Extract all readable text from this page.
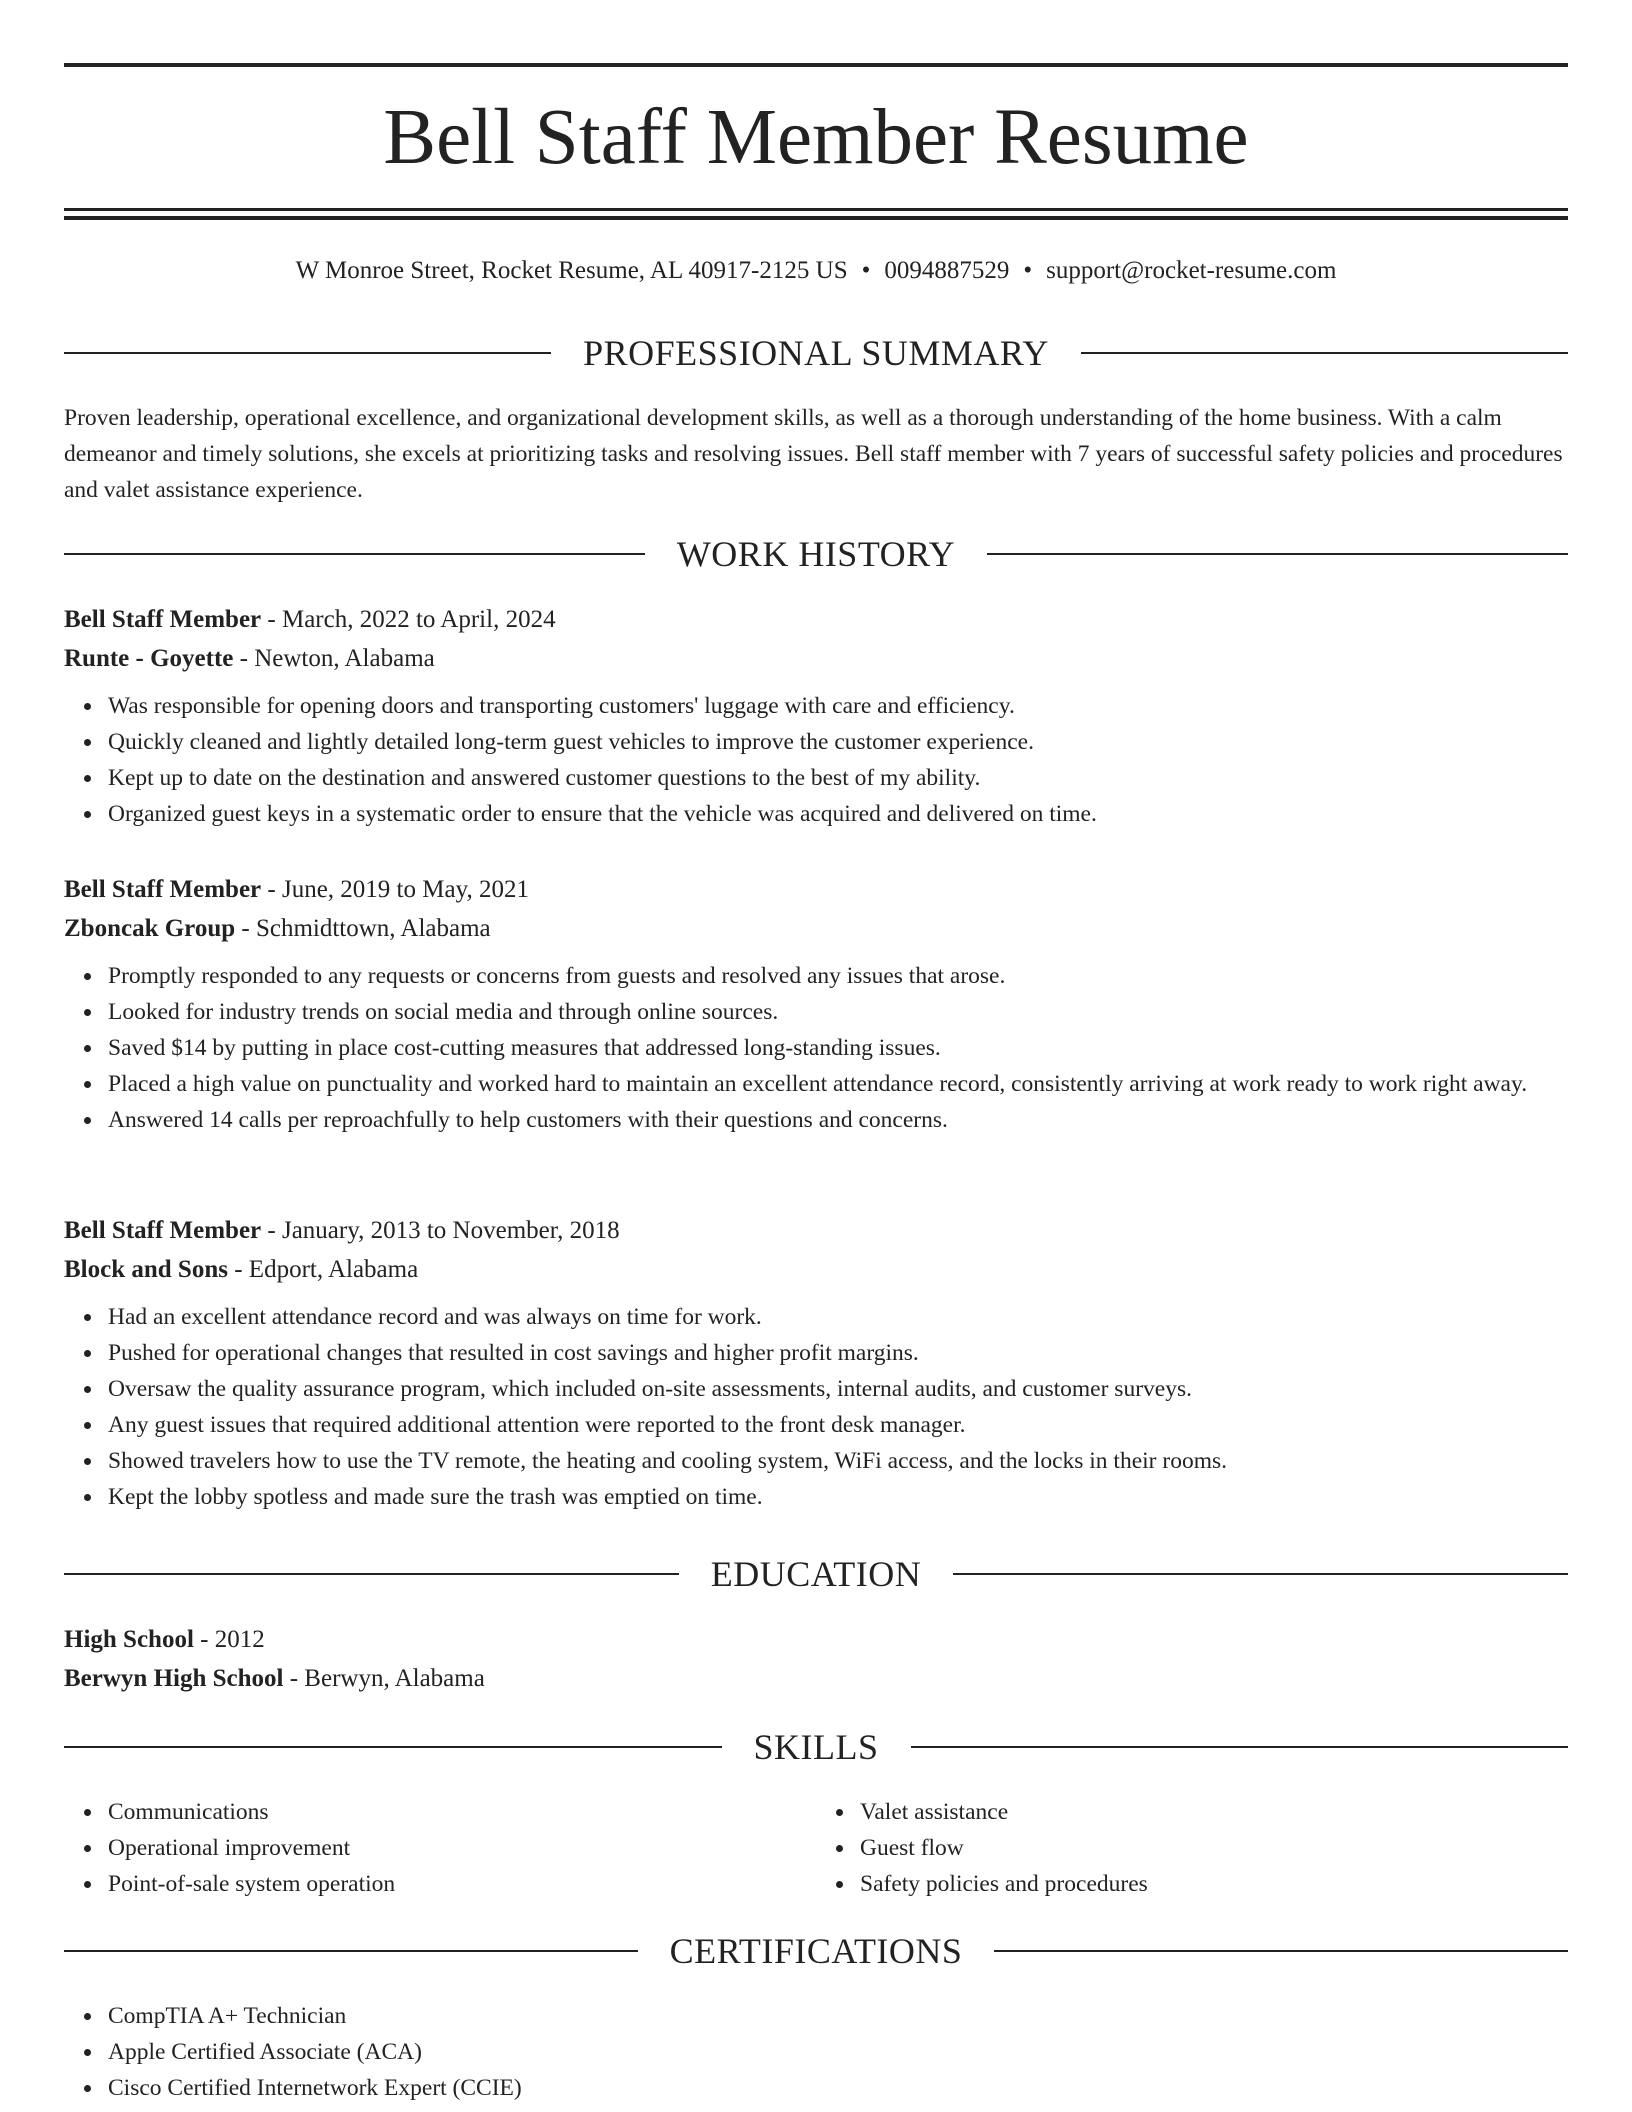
Bell Staff Member Resume
W Monroe Street, Rocket Resume, AL 40917-2125 US • 0094887529 • support@rocket-resume.com
PROFESSIONAL SUMMARY

Proven leadership, operational excellence, and organizational development skills, as well as a thorough understanding of the home business. With a calm demeanor and timely solutions, she excels at prioritizing tasks and resolving issues. Bell staff member with 7 years of successful safety policies and procedures and valet assistance experience.

WORK HISTORY
Bell Staff Member - March, 2022 to April, 2024
Runte - Goyette - Newton, Alabama
Was responsible for opening doors and transporting customers' luggage with care and efficiency.
Quickly cleaned and lightly detailed long-term guest vehicles to improve the customer experience.
Kept up to date on the destination and answered customer questions to the best of my ability.
Organized guest keys in a systematic order to ensure that the vehicle was acquired and delivered on time.
Bell Staff Member - June, 2019 to May, 2021
Zboncak Group - Schmidttown, Alabama
Promptly responded to any requests or concerns from guests and resolved any issues that arose.
Looked for industry trends on social media and through online sources.
Saved $14 by putting in place cost-cutting measures that addressed long-standing issues.
Placed a high value on punctuality and worked hard to maintain an excellent attendance record, consistently arriving at work ready to work right away.
Answered 14 calls per reproachfully to help customers with their questions and concerns.
Bell Staff Member - January, 2013 to November, 2018
Block and Sons - Edport, Alabama
Had an excellent attendance record and was always on time for work.
Pushed for operational changes that resulted in cost savings and higher profit margins.
Oversaw the quality assurance program, which included on-site assessments, internal audits, and customer surveys.
Any guest issues that required additional attention were reported to the front desk manager.
Showed travelers how to use the TV remote, the heating and cooling system, WiFi access, and the locks in their rooms.
Kept the lobby spotless and made sure the trash was emptied on time.
EDUCATION
High School - 2012
Berwyn High School - Berwyn, Alabama
SKILLS
Communications
Operational improvement
Point-of-sale system operation
Valet assistance
Guest flow
Safety policies and procedures
CERTIFICATIONS
CompTIA A+ Technician
Apple Certified Associate (ACA)
Cisco Certified Internetwork Expert (CCIE)
